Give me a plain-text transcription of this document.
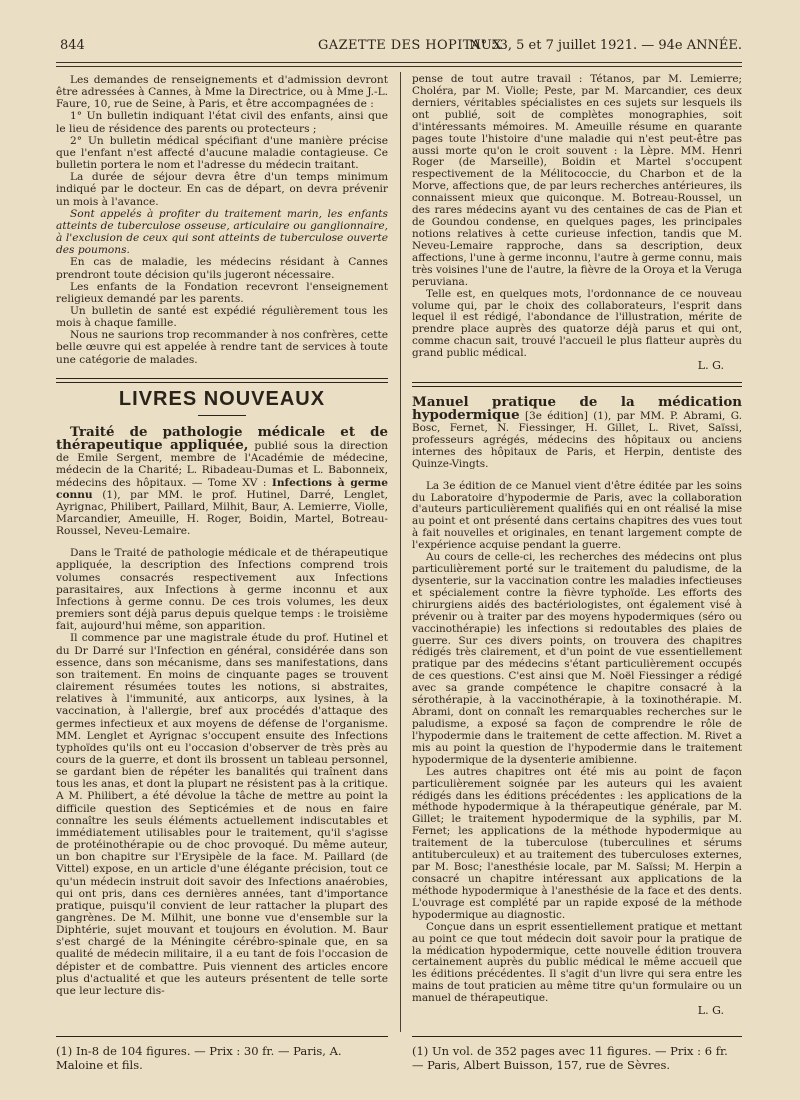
844	GAZETTE DES HOPITAUX
N° 53, 5 et 7 juillet 1921. — 94e ANNÉE.

Les demandes de renseignements et d'admission devront être adressées à Cannes, à Mme la Directrice, ou à Mme J.-L. Faure, 10, rue de Seine, à Paris, et être accompagnées de :

1° Un bulletin indiquant l'état civil des enfants, ainsi que le lieu de résidence des parents ou protecteurs ;

2° Un bulletin médical spécifiant d'une manière précise que l'enfant n'est affecté d'aucune maladie contagieuse. Ce bulletin portera le nom et l'adresse du médecin traitant.

La durée de séjour devra être d'un temps minimum indiqué par le docteur. En cas de départ, on devra prévenir un mois à l'avance.

Sont appelés à profiter du traitement marin, les enfants atteints de tuberculose osseuse, articulaire ou ganglionnaire, à l'exclusion de ceux qui sont atteints de tuberculose ouverte des poumons.

En cas de maladie, les médecins résidant à Cannes prendront toute décision qu'ils jugeront nécessaire.

Les enfants de la Fondation recevront l'enseignement religieux demandé par les parents.

Un bulletin de santé est expédié régulièrement tous les mois à chaque famille.

Nous ne saurions trop recommander à nos confrères, cette belle œuvre qui est appelée à rendre tant de services à toute une catégorie de malades.

LIVRES NOUVEAUX

Traité de pathologie médicale et de thérapeutique appliquée, publié sous la direction de Emile Sergent, membre de l'Académie de médecine, médecin de la Charité; L. Ribadeau-Dumas et L. Babonneix, médecins des hôpitaux. — Tome XV : Infections à germe connu (1), par MM. le prof. Hutinel, Darré, Lenglet, Ayrignac, Philibert, Paillard, Milhit, Baur, A. Lemierre, Violle, Marcandier, Ameuille, H. Roger, Boidin, Martel, Botreau-Roussel, Neveu-Lemaire.

Dans le Traité de pathologie médicale et de thérapeutique appliquée, la description des Infections comprend trois volumes consacrés respectivement aux Infections parasitaires, aux Infections à germe inconnu et aux Infections à germe connu. De ces trois volumes, les deux premiers sont déjà parus depuis quelque temps : le troisième fait, aujourd'hui même, son apparition.

Il commence par une magistrale étude du prof. Hutinel et du Dr Darré sur l'Infection en général, considérée dans son essence, dans son mécanisme, dans ses manifestations, dans son traitement. En moins de cinquante pages se trouvent clairement résumées toutes les notions, si abstraites, relatives à l'immunité, aux anticorps, aux lysines, à la vaccination, à l'allergie, bref aux procédés d'attaque des germes infectieux et aux moyens de défense de l'organisme. MM. Lenglet et Ayrignac s'occupent ensuite des Infections typhoïdes qu'ils ont eu l'occasion d'observer de très près au cours de la guerre, et dont ils brossent un tableau personnel, se gardant bien de répéter les banalités qui traînent dans tous les anas, et dont la plupart ne résistent pas à la critique. A M. Philibert, a été dévolue la tâche de mettre au point la difficile question des Septicémies et de nous en faire connaître les seuls éléments actuellement indiscutables et immédiatement utilisables pour le traitement, qu'il s'agisse de protéinothérapie ou de choc provoqué. Du même auteur, un bon chapitre sur l'Erysipèle de la face. M. Paillard (de Vittel) expose, en un article d'une élégante précision, tout ce qu'un médecin instruit doit savoir des Infections anaérobies, qui ont pris, dans ces dernières années, tant d'importance pratique, puisqu'il convient de leur rattacher la plupart des gangrènes. De M. Milhit, une bonne vue d'ensemble sur la Diphtérie, sujet mouvant et toujours en évolution. M. Baur s'est chargé de la Méningite cérébro-spinale que, en sa qualité de médecin militaire, il a eu tant de fois l'occasion de dépister et de combattre. Puis viennent des articles encore plus d'actualité et que les auteurs présentent de telle sorte que leur lecture dis-

pense de tout autre travail : Tétanos, par M. Lemierre; Choléra, par M. Violle; Peste, par M. Marcandier, ces deux derniers, véritables spécialistes en ces sujets sur lesquels ils ont publié, soit de complètes monographies, soit d'intéressants mémoires. M. Ameuille résume en quarante pages toute l'histoire d'une maladie qui n'est peut-être pas aussi morte qu'on le croit souvent : la Lèpre. MM. Henri Roger (de Marseille), Boidin et Martel s'occupent respectivement de la Mélitococcie, du Charbon et de la Morve, affections que, de par leurs recherches antérieures, ils connaissent mieux que quiconque. M. Botreau-Roussel, un des rares médecins ayant vu des centaines de cas de Pian et de Goundou condense, en quelques pages, les principales notions relatives à cette curieuse infection, tandis que M. Neveu-Lemaire rapproche, dans sa description, deux affections, l'une à germe inconnu, l'autre à germe connu, mais très voisines l'une de l'autre, la fièvre de la Oroya et la Veruga peruviana.

Telle est, en quelques mots, l'ordonnance de ce nouveau volume qui, par le choix des collaborateurs, l'esprit dans lequel il est rédigé, l'abondance de l'illustration, mérite de prendre place auprès des quatorze déjà parus et qui ont, comme chacun sait, trouvé l'accueil le plus flatteur auprès du grand public médical.

L. G.

Manuel pratique de la médication hypodermique [3e édition] (1), par MM. P. Abrami, G. Bosc, Fernet, N. Fiessinger, H. Gillet, L. Rivet, Saïssi, professeurs agrégés, médecins des hôpitaux ou anciens internes des hôpitaux de Paris, et Herpin, dentiste des Quinze-Vingts.

La 3e édition de ce Manuel vient d'être éditée par les soins du Laboratoire d'hypodermie de Paris, avec la collaboration d'auteurs particulièrement qualifiés qui en ont réalisé la mise au point et ont présenté dans certains chapitres des vues tout à fait nouvelles et originales, en tenant largement compte de l'expérience acquise pendant la guerre.

Au cours de celle-ci, les recherches des médecins ont plus particulièrement porté sur le traitement du paludisme, de la dysenterie, sur la vaccination contre les maladies infectieuses et spécialement contre la fièvre typhoïde. Les efforts des chirurgiens aidés des bactériologistes, ont également visé à prévenir ou à traiter par des moyens hypodermiques (séro ou vaccinothérapie) les infections si redoutables des plaies de guerre. Sur ces divers points, on trouvera des chapitres rédigés très clairement, et d'un point de vue essentiellement pratique par des médecins s'étant particulièrement occupés de ces questions. C'est ainsi que M. Noël Fiessinger a rédigé avec sa grande compétence le chapitre consacré à la sérothérapie, à la vaccinothérapie, à la toxinothérapie. M. Abrami, dont on connaît les remarquables recherches sur le paludisme, a exposé sa façon de comprendre le rôle de l'hypodermie dans le traitement de cette affection. M. Rivet a mis au point la question de l'hypodermie dans le traitement hypodermique de la dysenterie amibienne.

Les autres chapitres ont été mis au point de façon particulièrement soignée par les auteurs qui les avaient rédigés dans les éditions précédentes : les applications de la méthode hypodermique à la thérapeutique générale, par M. Gillet; le traitement hypodermique de la syphilis, par M. Fernet; les applications de la méthode hypodermique au traitement de la tuberculose (tuberculines et sérums antituberculeux) et au traitement des tuberculoses externes, par M. Bosc; l'anesthésie locale, par M. Saïssi; M. Herpin a consacré un chapitre intéressant aux applications de la méthode hypodermique à l'anesthésie de la face et des dents. L'ouvrage est complété par un rapide exposé de la méthode hypodermique au diagnostic.

Conçue dans un esprit essentiellement pratique et mettant au point ce que tout médecin doit savoir pour la pratique de la médication hypodermique, cette nouvelle édition trouvera certainement auprès du public médical le même accueil que les éditions précédentes. Il s'agit d'un livre qui sera entre les mains de tout praticien au même titre qu'un formulaire ou un manuel de thérapeutique.

L. G.
(1) In-8 de 104 figures. — Prix : 30 fr. — Paris, A. Maloine et fils.
(1) Un vol. de 352 pages avec 11 figures. — Prix : 6 fr. — Paris, Albert Buisson, 157, rue de Sèvres.
